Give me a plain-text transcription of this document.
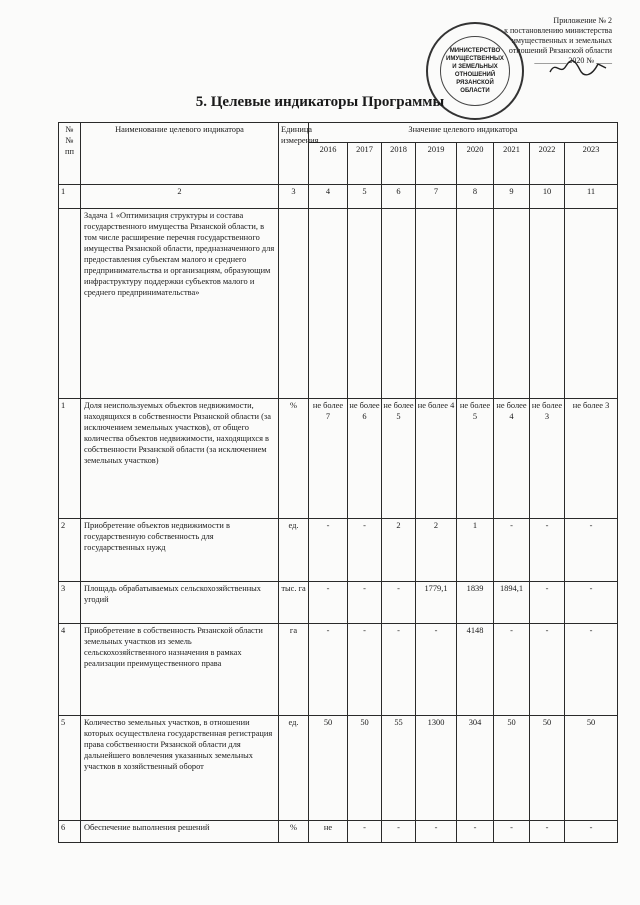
Приложение № 2
к постановлению министерства
имущественных и земельных
отношений Рязанской области
________ 2020 № ____
МИНИСТЕРСТВО
ИМУЩЕСТВЕННЫХ
И ЗЕМЕЛЬНЫХ
ОТНОШЕНИЙ
РЯЗАНСКОЙ
ОБЛАСТИ
5. Целевые индикаторы Программы
№ № пп	Наименование целевого индикатора	Единица измерения	Значение целевого индикатора							
			2016	2017	2018	2019	2020	2021	2022	2023
1	2	3	4	5	6	7	8	9	10	11
	Задача 1 «Оптимизация структуры и состава государственного имущества Рязанской области, в том числе расширение перечня государственного имущества Рязанской области, предназначенного для предоставления субъектам малого и среднего предпринимательства и организациям, образующим инфраструктуру поддержки субъектов малого и среднего предпринимательства»									
1	Доля неиспользуемых объектов недвижимости, находящихся в собственности Рязанской области (за исключением земельных участков), от общего количества объектов недвижимости, находящихся в собственности Рязанской области (за исключением земельных участков)	%	не более 7	не более 6	не более 5	не более 4	не более 5	не более 4	не более 3	не более 3
2	Приобретение объектов недвижимости в государственную собственность для государственных нужд	ед.	-	-	2	2	1	-	-	-
3	Площадь обрабатываемых сельскохозяйственных угодий	тыс. га	-	-	-	1779,1	1839	1894,1	-	-
4	Приобретение в собственность Рязанской области земельных участков из земель сельскохозяйственного назначения в рамках реализации преимущественного права	га	-	-	-	-	4148	-	-	-
5	Количество земельных участков, в отношении которых осуществлена государственная регистрация права собственности Рязанской области для дальнейшего вовлечения указанных земельных участков в хозяйственный оборот	ед.	50	50	55	1300	304	50	50	50
6	Обеспечение выполнения решений	%	не	-	-	-	-	-	-	-
